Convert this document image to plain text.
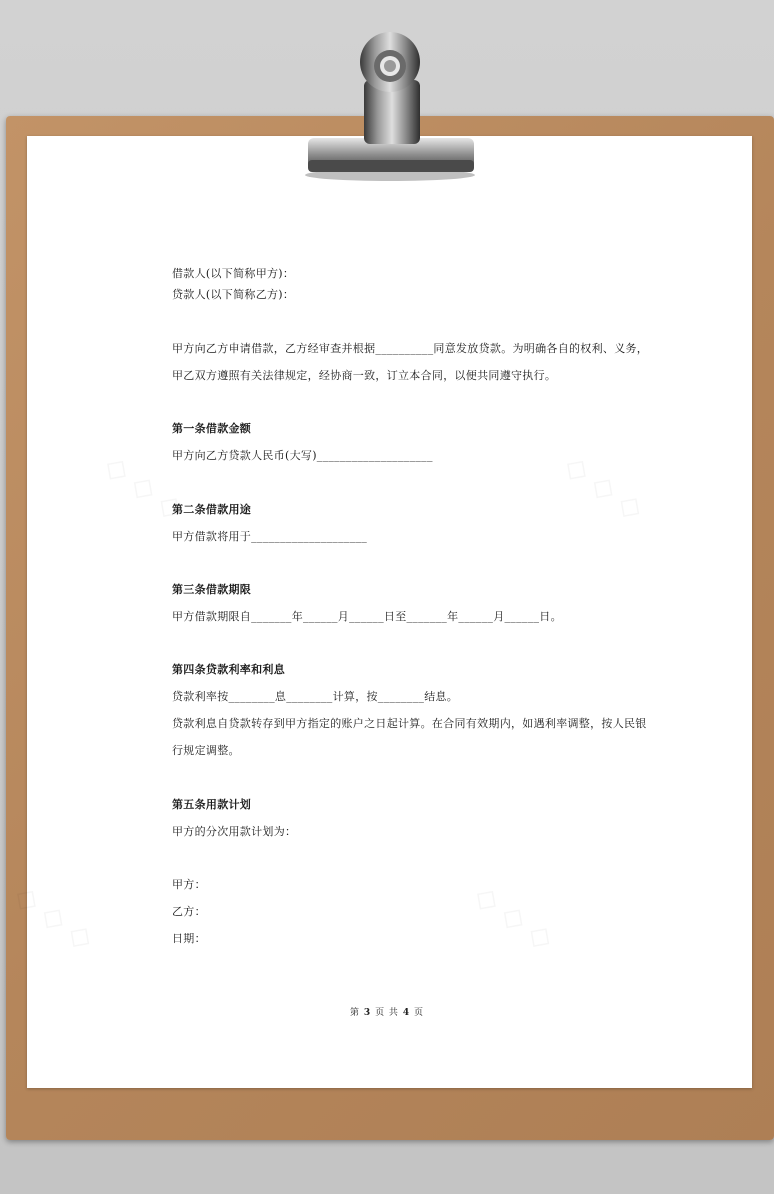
借款人(以下简称甲方)：
贷款人(以下简称乙方)：
甲方向乙方申请借款，乙方经审查并根据__________同意发放贷款。为明确各自的权利、义务，
甲乙双方遵照有关法律规定，经协商一致，订立本合同，以便共同遵守执行。
第一条借款金额
甲方向乙方贷款人民币(大写)____________________
第二条借款用途
甲方借款将用于____________________
第三条借款期限
甲方借款期限自_______年______月______日至_______年______月______日。
第四条贷款利率和利息
贷款利率按________息________计算，按________结息。
贷款利息自贷款转存到甲方指定的账户之日起计算。在合同有效期内，如遇利率调整，按人民银
行规定调整。
第五条用款计划
甲方的分次用款计划为：
甲方：
乙方：
日期：
第 3 页 共 4 页
